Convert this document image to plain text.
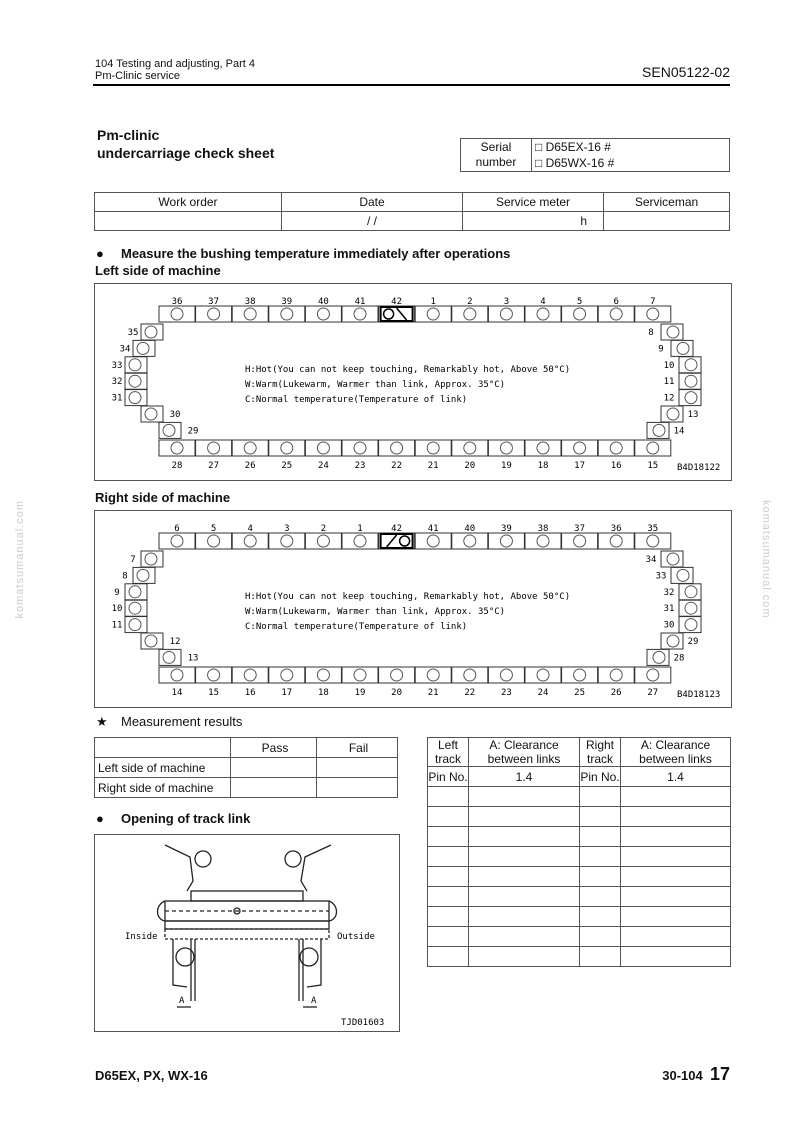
104 Testing and adjusting, Part 4
Pm-Clinic service	SEN05122-02
komatsumanual.com	komatsumanual.com
Pm-clinic
undercarriage check sheet	Serial
number
	□ D65EX-16 #
□ D65WX-16 #
Work order	Date	Service meter	Serviceman
	/ /	h	
● Measure the bushing temperature immediately after operations
Left side of machine
36	37	38	39	40	41	42	1	2	3	4	5	6	7
28	27	26	25	24	23	22	21	20	19	18	17	16	15
35
34
33
32
31
30
29
8
9
10
11
12
13
14
H:Hot(You can not keep touching, Remarkably hot, Above 50°C)
W:Warm(Lukewarm, Warmer than link, Approx. 35°C)
C:Normal temperature(Temperature of link)
B4D18122
Right side of machine
6	5	4	3	2	1	42	41	40	39	38	37	36	35
14	15	16	17	18	19	20	21	22	23	24	25	26	27
7
8
9
10
11
12
13
34
33
32
31
30
29
28
H:Hot(You can not keep touching, Remarkably hot, Above 50°C)
W:Warm(Lukewarm, Warmer than link, Approx. 35°C)
C:Normal temperature(Temperature of link)
B4D18123
★ Measurement results
	Pass	Fail
Left side of machine		
Right side of machine		
● Opening of track link
Inside	Outside
A	A
TJD01603
Left track	A: Clearance between links	Right track	A: Clearance between links
Pin No.	1.4	Pin No.	1.4

D65EX, PX, WX-16	30-104 17
